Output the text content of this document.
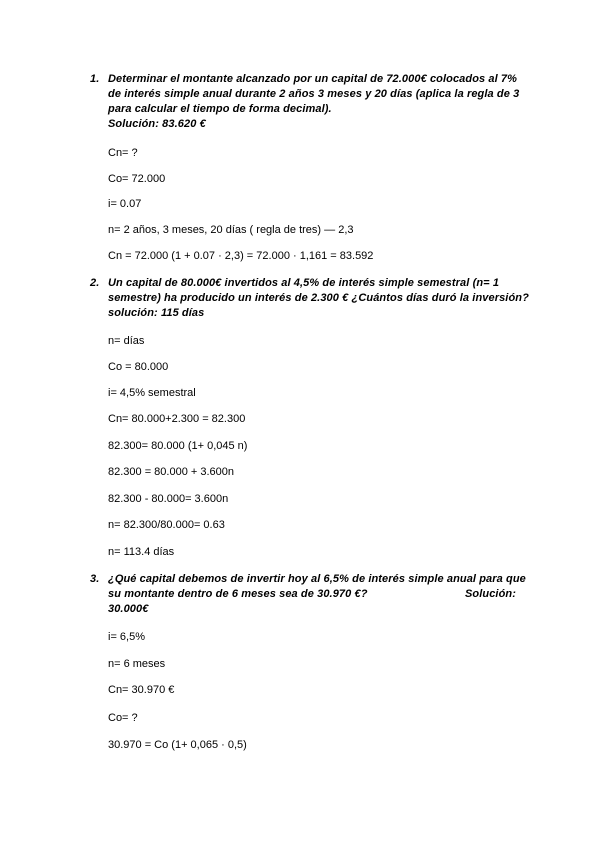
1. Determinar el montante alcanzado por un capital de 72.000€ colocados al 7%
de interés simple anual durante 2 años 3 meses y 20 días (aplica la regla de 3
para calcular el tiempo de forma decimal).
Solución: 83.620 €
Cn= ?
Co= 72.000
i= 0.07
n= 2 años, 3 meses, 20 días ( regla de tres) — 2,3
Cn = 72.000 (1 + 0.07 · 2,3) = 72.000 · 1,161 = 83.592
2. Un capital de 80.000€ invertidos al 4,5% de interés simple semestral (n= 1
semestre) ha producido un interés de 2.300 € ¿Cuántos días duró la inversión?
solución: 115 días
n= días
Co = 80.000
i= 4,5% semestral
Cn= 80.000+2.300 = 82.300
82.300= 80.000 (1+ 0,045 n)
82.300 = 80.000 + 3.600n
82.300 - 80.000= 3.600n
n= 82.300/80.000= 0.63
n= 113.4 días
3. ¿Qué capital debemos de invertir hoy al 6,5% de interés simple anual para que
su montante dentro de 6 meses sea de 30.970 €?	Solución:
30.000€
i= 6,5%
n= 6 meses
Cn= 30.970 €
Co= ?
30.970 = Co (1+ 0,065 · 0,5)
